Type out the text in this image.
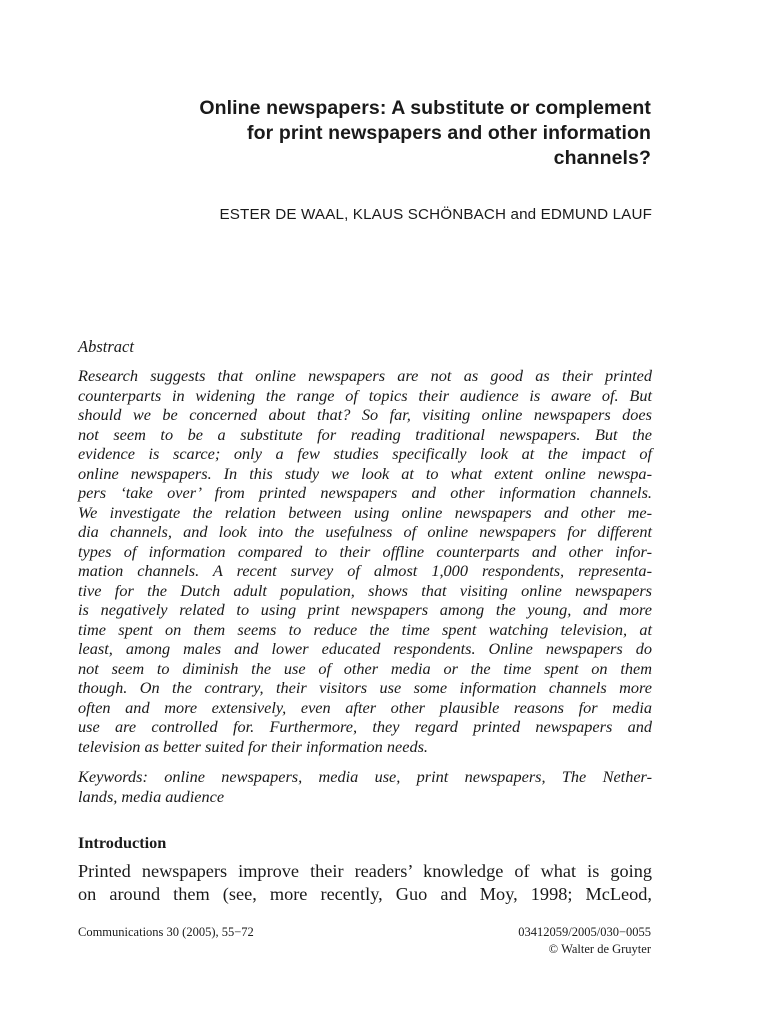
Online newspapers: A substitute or complement
for print newspapers and other information
channels?
ESTER DE WAAL, KLAUS SCHÖNBACH and EDMUND LAUF
Abstract
Research suggests that online newspapers are not as good as their printed
counterparts in widening the range of topics their audience is aware of. But
should we be concerned about that? So far, visiting online newspapers does
not seem to be a substitute for reading traditional newspapers. But the
evidence is scarce; only a few studies specifically look at the impact of
online newspapers. In this study we look at to what extent online newspa-
pers ‘take over’ from printed newspapers and other information channels.
We investigate the relation between using online newspapers and other me-
dia channels, and look into the usefulness of online newspapers for different
types of information compared to their offline counterparts and other infor-
mation channels. A recent survey of almost 1,000 respondents, representa-
tive for the Dutch adult population, shows that visiting online newspapers
is negatively related to using print newspapers among the young, and more
time spent on them seems to reduce the time spent watching television, at
least, among males and lower educated respondents. Online newspapers do
not seem to diminish the use of other media or the time spent on them
though. On the contrary, their visitors use some information channels more
often and more extensively, even after other plausible reasons for media
use are controlled for. Furthermore, they regard printed newspapers and
television as better suited for their information needs.
Keywords: online newspapers, media use, print newspapers, The Nether-
lands, media audience
Introduction
Printed newspapers improve their readers’ knowledge of what is going
on around them (see, more recently, Guo and Moy, 1998; McLeod,
Communications 30 (2005), 55−72	03412059/2005/030−0055
© Walter de Gruyter
